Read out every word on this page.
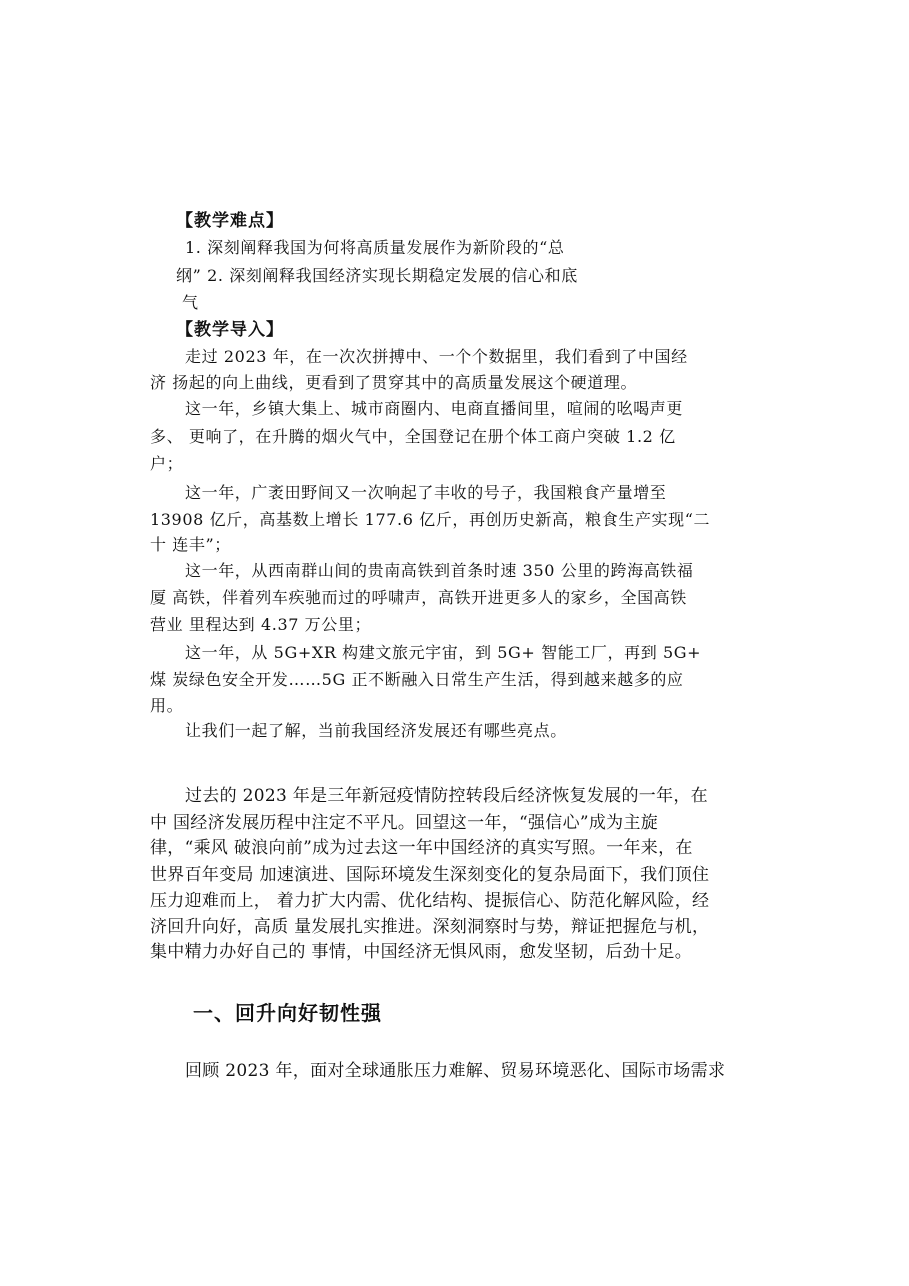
【教学难点】
1. 深刻阐释我国为何将高质量发展作为新阶段的“总
纲” 2. 深刻阐释我国经济实现长期稳定发展的信心和底
气
【教学导入】
走过 2023 年，在一次次拼搏中、一个个数据里，我们看到了中国经
济 扬起的向上曲线，更看到了贯穿其中的高质量发展这个硬道理。
这一年，乡镇大集上、城市商圈内、电商直播间里，喧闹的吆喝声更
多、 更响了，在升腾的烟火气中，全国登记在册个体工商户突破 1.2 亿
户；
这一年，广袤田野间又一次响起了丰收的号子，我国粮食产量增至
13908 亿斤，高基数上增长 177.6 亿斤，再创历史新高，粮食生产实现“二
十 连丰”；
这一年，从西南群山间的贵南高铁到首条时速 350 公里的跨海高铁福
厦 高铁，伴着列车疾驰而过的呼啸声，高铁开进更多人的家乡，全国高铁
营业 里程达到 4.37 万公里；
这一年，从 5G+XR 构建文旅元宇宙，到 5G+ 智能工厂，再到 5G+
煤 炭绿色安全开发……5G 正不断融入日常生产生活，得到越来越多的应
用。
让我们一起了解，当前我国经济发展还有哪些亮点。
过去的 2023 年是三年新冠疫情防控转段后经济恢复发展的一年，在
中 国经济发展历程中注定不平凡。回望这一年，“强信心”成为主旋
律，“乘风 破浪向前”成为过去这一年中国经济的真实写照。一年来，在
世界百年变局 加速演进、国际环境发生深刻变化的复杂局面下，我们顶住
压力迎难而上， 着力扩大内需、优化结构、提振信心、防范化解风险，经
济回升向好，高质 量发展扎实推进。深刻洞察时与势，辩证把握危与机，
集中精力办好自己的 事情，中国经济无惧风雨，愈发坚韧，后劲十足。
一、回升向好韧性强
回顾 2023 年，面对全球通胀压力难解、贸易环境恶化、国际市场需求
